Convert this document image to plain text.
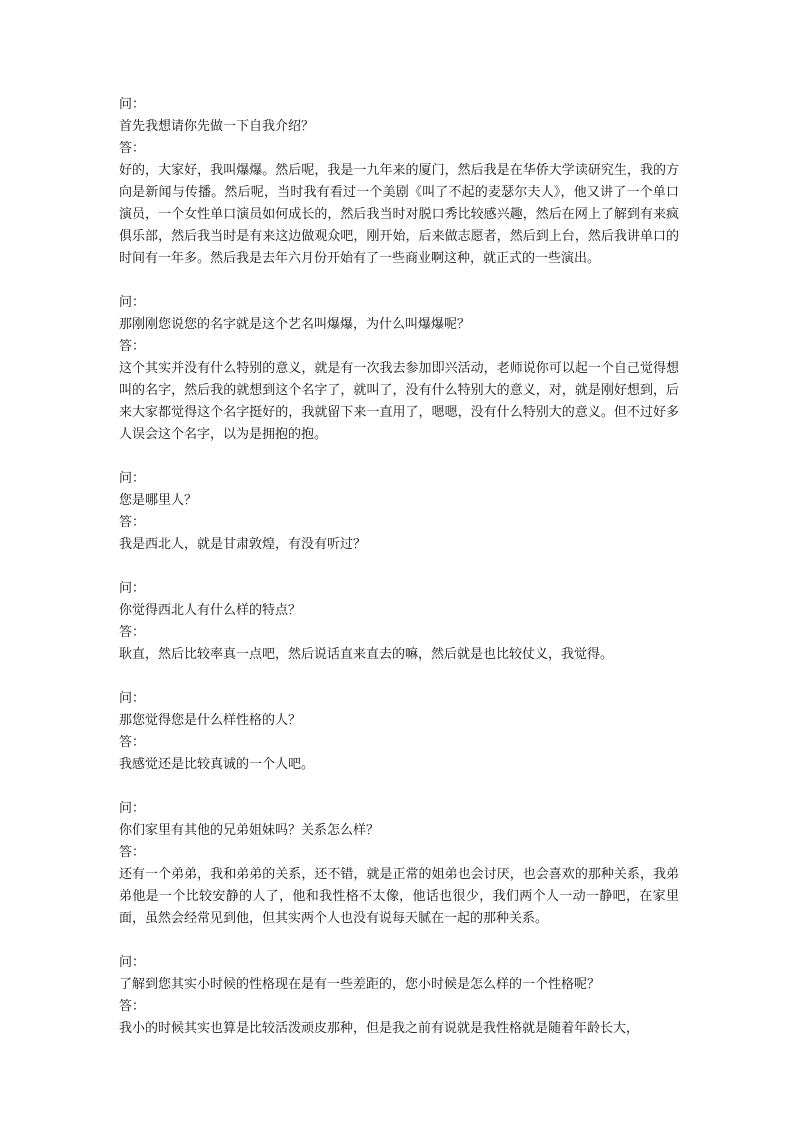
问：

首先我想请你先做一下自我介绍？

答：

好的，大家好，我叫爆爆。然后呢，我是一九年来的厦门，然后我是在华侨大学读研究生，我的方向是新闻与传播。然后呢，当时我有看过一个美剧《叫了不起的麦瑟尔夫人》，他又讲了一个单口演员，一个女性单口演员如何成长的，然后我当时对脱口秀比较感兴趣，然后在网上了解到有来疯俱乐部，然后我当时是有来这边做观众吧，刚开始，后来做志愿者，然后到上台，然后我讲单口的时间有一年多。然后我是去年六月份开始有了一些商业啊这种，就正式的一些演出。

问：

那刚刚您说您的名字就是这个艺名叫爆爆，为什么叫爆爆呢？

答：

这个其实并没有什么特别的意义，就是有一次我去参加即兴活动，老师说你可以起一个自己觉得想叫的名字，然后我的就想到这个名字了，就叫了，没有什么特别大的意义，对，就是刚好想到，后来大家都觉得这个名字挺好的，我就留下来一直用了，嗯嗯，没有什么特别大的意义。但不过好多人误会这个名字，以为是拥抱的抱。

问：

您是哪里人？

答：

我是西北人，就是甘肃敦煌，有没有听过？

问：

你觉得西北人有什么样的特点？

答：

耿直，然后比较率真一点吧，然后说话直来直去的嘛，然后就是也比较仗义，我觉得。

问：

那您觉得您是什么样性格的人？

答：

我感觉还是比较真诚的一个人吧。

问：

你们家里有其他的兄弟姐妹吗？关系怎么样？

答：

还有一个弟弟，我和弟弟的关系，还不错，就是正常的姐弟也会讨厌，也会喜欢的那种关系，我弟弟他是一个比较安静的人了，他和我性格不太像，他话也很少，我们两个人一动一静吧，在家里面，虽然会经常见到他，但其实两个人也没有说每天腻在一起的那种关系。

问：

了解到您其实小时候的性格现在是有一些差距的，您小时候是怎么样的一个性格呢？

答：

我小的时候其实也算是比较活泼顽皮那种，但是我之前有说就是我性格就是随着年龄长大，
